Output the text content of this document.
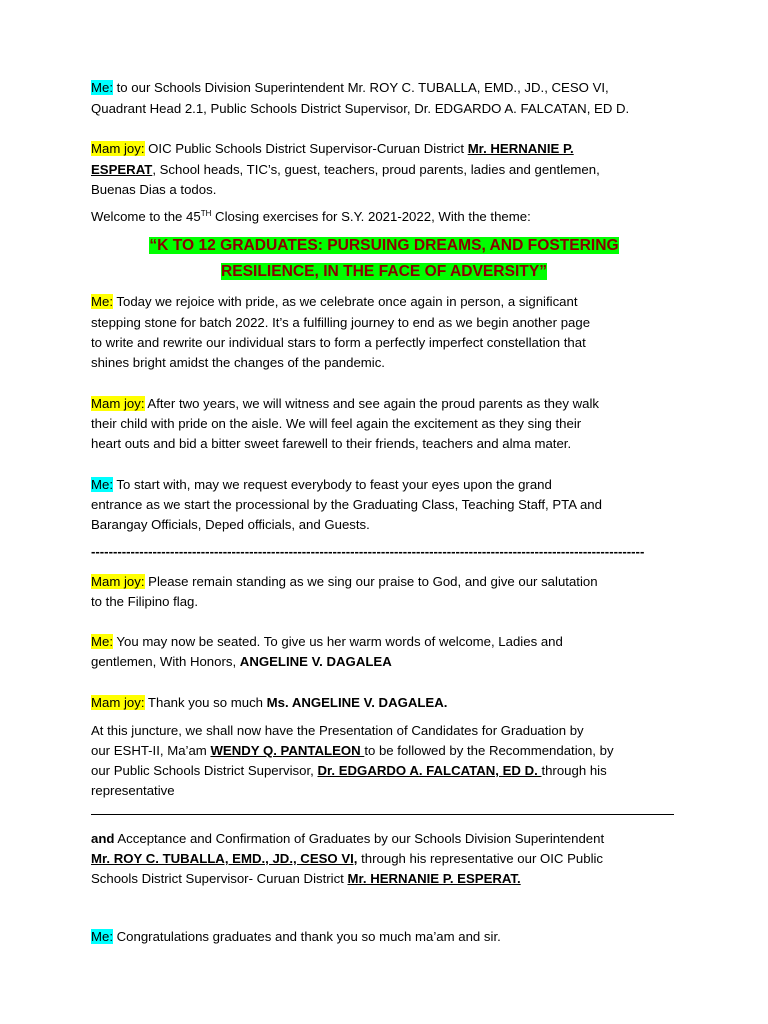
Me: to our Schools Division Superintendent Mr. ROY C. TUBALLA, EMD., JD., CESO VI,
Quadrant Head 2.1, Public Schools District Supervisor, Dr. EDGARDO A. FALCATAN, ED D.
Mam joy: OIC Public Schools District Supervisor-Curuan District Mr. HERNANIE P.
ESPERAT, School heads, TIC’s, guest, teachers, proud parents, ladies and gentlemen,
Buenas Dias a todos.
Welcome to the 45TH Closing exercises for S.Y. 2021-2022, With the theme:
“K TO 12 GRADUATES: PURSUING DREAMS, AND FOSTERING
RESILIENCE, IN THE FACE OF ADVERSITY”
Me: Today we rejoice with pride, as we celebrate once again in person, a significant
stepping stone for batch 2022. It’s a fulfilling journey to end as we begin another page
to write and rewrite our individual stars to form a perfectly imperfect constellation that
shines bright amidst the changes of the pandemic.
Mam joy: After two years, we will witness and see again the proud parents as they walk
their child with pride on the aisle. We will feel again the excitement as they sing their
heart outs and bid a bitter sweet farewell to their friends, teachers and alma mater.
Me: To start with, may we request everybody to feast your eyes upon the grand
entrance as we start the processional by the Graduating Class, Teaching Staff, PTA and
Barangay Officials, Deped officials, and Guests.
------------------------------------------------------------------------------------------------------------------------------
Mam joy: Please remain standing as we sing our praise to God, and give our salutation
to the Filipino flag.
Me: You may now be seated. To give us her warm words of welcome, Ladies and
gentlemen, With Honors, ANGELINE V. DAGALEA
Mam joy: Thank you so much Ms. ANGELINE V. DAGALEA.
At this juncture, we shall now have the Presentation of Candidates for Graduation by
our ESHT-II, Ma’am WENDY Q. PANTALEON to be followed by the Recommendation, by
our Public Schools District Supervisor, Dr. EDGARDO A. FALCATAN, ED D. through his
representative
and Acceptance and Confirmation of Graduates by our Schools Division Superintendent
Mr. ROY C. TUBALLA, EMD., JD., CESO VI, through his representative our OIC Public
Schools District Supervisor- Curuan District Mr. HERNANIE P. ESPERAT.
Me: Congratulations graduates and thank you so much ma’am and sir.
